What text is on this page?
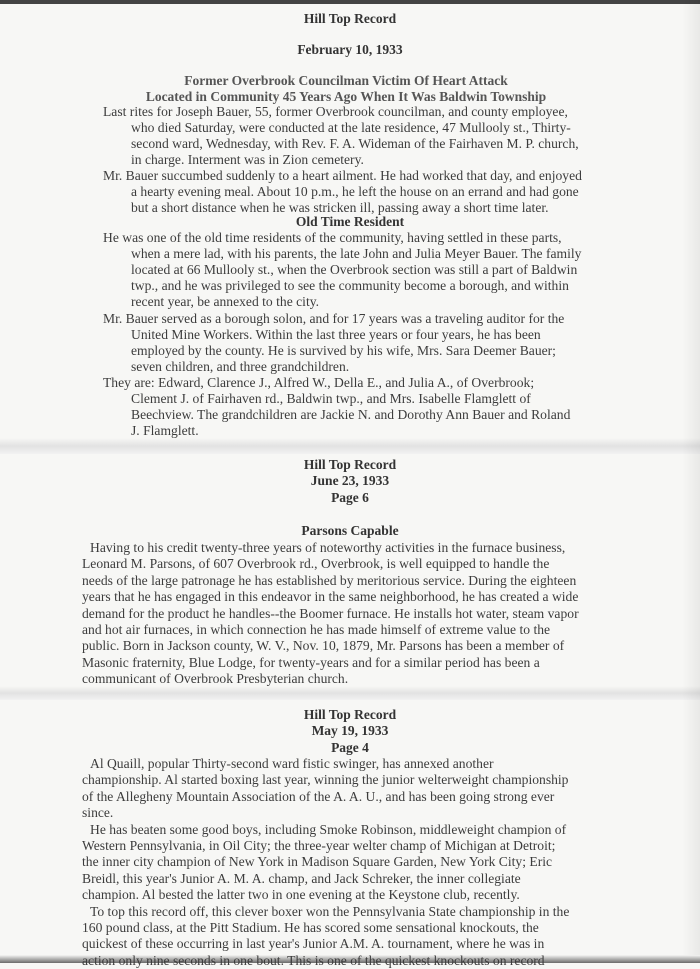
Hill Top Record
February 10, 1933
Former Overbrook Councilman Victim Of Heart Attack
Located in Community 45 Years Ago When It Was Baldwin Township
Last rites for Joseph Bauer, 55, former Overbrook councilman, and county employee,
who died Saturday, were conducted at the late residence, 47 Mullooly st., Thirty-
second ward, Wednesday, with Rev. F. A. Wideman of the Fairhaven M. P. church,
in charge. Interment was in Zion cemetery.
Mr. Bauer succumbed suddenly to a heart ailment. He had worked that day, and enjoyed
a hearty evening meal. About 10 p.m., he left the house on an errand and had gone
but a short distance when he was stricken ill, passing away a short time later.
Old Time Resident
He was one of the old time residents of the community, having settled in these parts,
when a mere lad, with his parents, the late John and Julia Meyer Bauer. The family
located at 66 Mullooly st., when the Overbrook section was still a part of Baldwin
twp., and he was privileged to see the community become a borough, and within
recent year, be annexed to the city.
Mr. Bauer served as a borough solon, and for 17 years was a traveling auditor for the
United Mine Workers. Within the last three years or four years, he has been
employed by the county. He is survived by his wife, Mrs. Sara Deemer Bauer;
seven children, and three grandchildren.
They are: Edward, Clarence J., Alfred W., Della E., and Julia A., of Overbrook;
Clement J. of Fairhaven rd., Baldwin twp., and Mrs. Isabelle Flamglett of
Beechview. The grandchildren are Jackie N. and Dorothy Ann Bauer and Roland
J. Flamglett.
Hill Top Record
June 23, 1933
Page 6
Parsons Capable
Having to his credit twenty-three years of noteworthy activities in the furnace business,
Leonard M. Parsons, of 607 Overbrook rd., Overbrook, is well equipped to handle the
needs of the large patronage he has established by meritorious service. During the eighteen
years that he has engaged in this endeavor in the same neighborhood, he has created a wide
demand for the product he handles--the Boomer furnace. He installs hot water, steam vapor
and hot air furnaces, in which connection he has made himself of extreme value to the
public. Born in Jackson county, W. V., Nov. 10, 1879, Mr. Parsons has been a member of
Masonic fraternity, Blue Lodge, for twenty-years and for a similar period has been a
communicant of Overbrook Presbyterian church.
Hill Top Record
May 19, 1933
Page 4
Al Quaill, popular Thirty-second ward fistic swinger, has annexed another
championship. Al started boxing last year, winning the junior welterweight championship
of the Allegheny Mountain Association of the A. A. U., and has been going strong ever
since.
He has beaten some good boys, including Smoke Robinson, middleweight champion of
Western Pennsylvania, in Oil City; the three-year welter champ of Michigan at Detroit;
the inner city champion of New York in Madison Square Garden, New York City; Eric
Breidl, this year's Junior A. M. A. champ, and Jack Schreker, the inner collegiate
champion. Al bested the latter two in one evening at the Keystone club, recently.
To top this record off, this clever boxer won the Pennsylvania State championship in the
160 pound class, at the Pitt Stadium. He has scored some sensational knockouts, the
quickest of these occurring in last year's Junior A.M. A. tournament, where he was in
action only nine seconds in one bout. This is one of the quickest knockouts on record
